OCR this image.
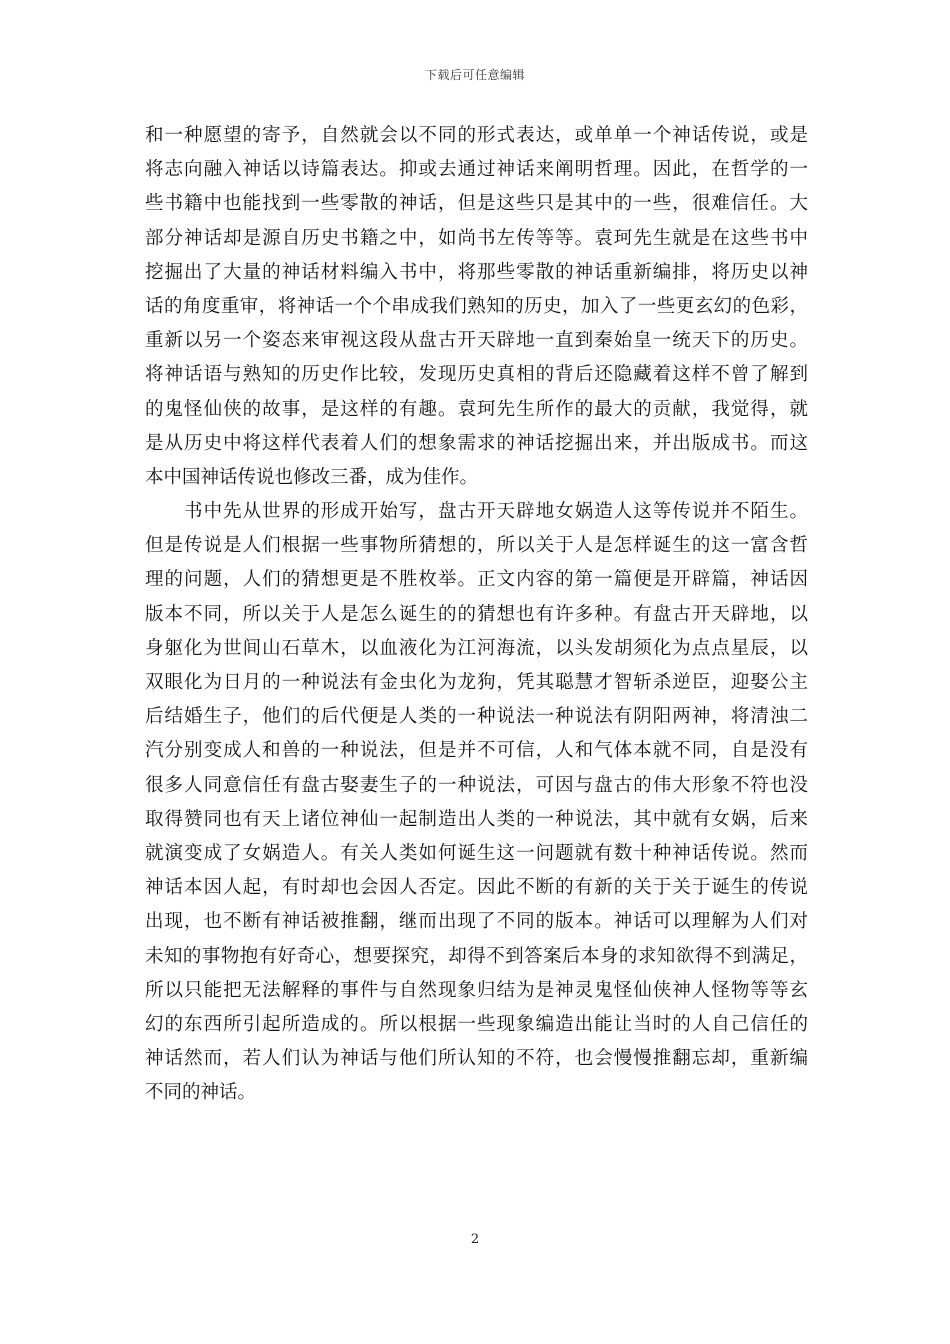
下载后可任意编辑
和一种愿望的寄予，自然就会以不同的形式表达，或单单一个神话传说，或是
将志向融入神话以诗篇表达。抑或去通过神话来阐明哲理。因此，在哲学的一
些书籍中也能找到一些零散的神话，但是这些只是其中的一些，很难信任。大
部分神话却是源自历史书籍之中，如尚书左传等等。袁珂先生就是在这些书中
挖掘出了大量的神话材料编入书中，将那些零散的神话重新编排，将历史以神
话的角度重审，将神话一个个串成我们熟知的历史，加入了一些更玄幻的色彩，
重新以另一个姿态来审视这段从盘古开天辟地一直到秦始皇一统天下的历史。
将神话语与熟知的历史作比较，发现历史真相的背后还隐藏着这样不曾了解到
的鬼怪仙侠的故事，是这样的有趣。袁珂先生所作的最大的贡献，我觉得，就
是从历史中将这样代表着人们的想象需求的神话挖掘出来，并出版成书。而这
本中国神话传说也修改三番，成为佳作。
　　书中先从世界的形成开始写，盘古开天辟地女娲造人这等传说并不陌生。
但是传说是人们根据一些事物所猜想的，所以关于人是怎样诞生的这一富含哲
理的问题，人们的猜想更是不胜枚举。正文内容的第一篇便是开辟篇，神话因
版本不同，所以关于人是怎么诞生的的猜想也有许多种。有盘古开天辟地，以
身躯化为世间山石草木，以血液化为江河海流，以头发胡须化为点点星辰，以
双眼化为日月的一种说法有金虫化为龙狗，凭其聪慧才智斩杀逆臣，迎娶公主
后结婚生子，他们的后代便是人类的一种说法一种说法有阴阳两神，将清浊二
汽分别变成人和兽的一种说法，但是并不可信，人和气体本就不同，自是没有
很多人同意信任有盘古娶妻生子的一种说法，可因与盘古的伟大形象不符也没
取得赞同也有天上诸位神仙一起制造出人类的一种说法，其中就有女娲，后来
就演变成了女娲造人。有关人类如何诞生这一问题就有数十种神话传说。然而
神话本因人起，有时却也会因人否定。因此不断的有新的关于关于诞生的传说
出现，也不断有神话被推翻，继而出现了不同的版本。神话可以理解为人们对
未知的事物抱有好奇心，想要探究，却得不到答案后本身的求知欲得不到满足，
所以只能把无法解释的事件与自然现象归结为是神灵鬼怪仙侠神人怪物等等玄
幻的东西所引起所造成的。所以根据一些现象编造出能让当时的人自己信任的
神话然而，若人们认为神话与他们所认知的不符，也会慢慢推翻忘却，重新编
不同的神话。
2
